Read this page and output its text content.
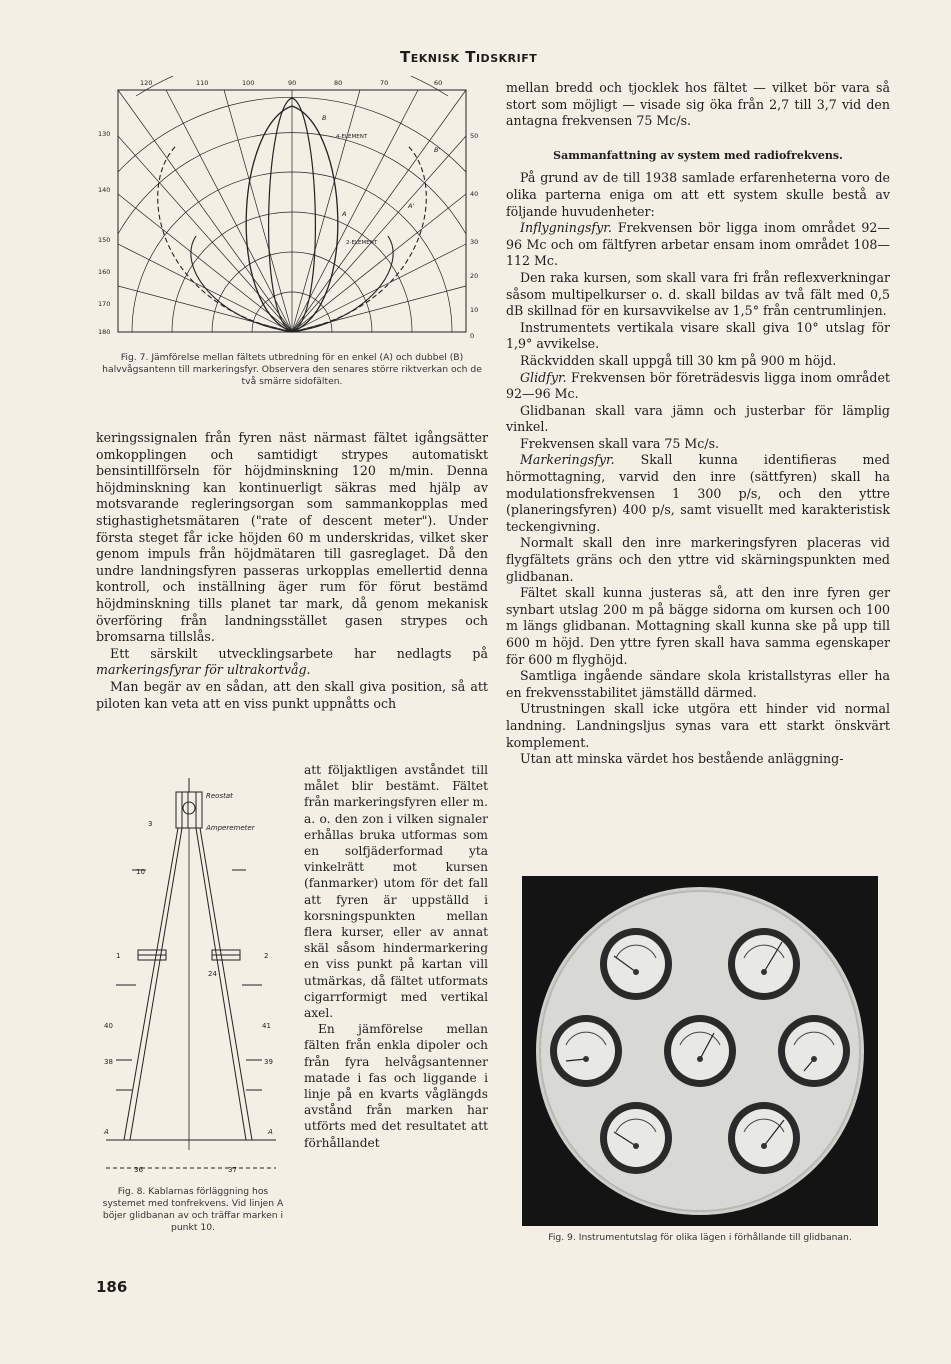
Teknisk Tidskrift
120	110	100	90	80	70	60
130
140
150
160
170
180
50
40
30
20
10
0
4-ELEMENT
2-ELEMENT
A
A'
B
B'
Fig. 7. Jämförelse mellan fältets utbredning för en enkel (A) och dubbel (B) halvvågsantenn till markeringsfyr. Observera den senares större riktverkan och de två smärre sidofälten.

keringssignalen från fyren näst närmast fältet igångsätter omkopplingen och samtidigt strypes automatiskt bensintillförseln för höjdminskning 120 m/min. Denna höjdminskning kan kontinuerligt säkras med hjälp av motsvarande regleringsorgan som sammankopplas med stighastighetsmätaren ("rate of descent meter"). Under första steget får icke höjden 60 m underskridas, vilket sker genom impuls från höjdmätaren till gasreglaget. Då den undre landningsfyren passeras urkopplas emellertid denna kontroll, och inställning äger rum för förut bestämd höjdminskning tills planet tar mark, då genom mekanisk överföring från landningsstället gasen strypes och bromsarna tillslås.

Ett särskilt utvecklingsarbete har nedlagts på markeringsfyrar för ultrakortvåg.

Man begär av en sådan, att den skall giva position, så att piloten kan veta att en viss punkt uppnåtts och

Reostat
Amperemeter
3
10
1	2
24
40	41
38	39
A	A
36	37
Fig. 8. Kablarnas förläggning hos systemet med tonfrekvens. Vid linjen A böjer glidbanan av och träffar marken i punkt 10.

att följaktligen avståndet till målet blir bestämt. Fältet från markeringsfyren eller m. a. o. den zon i vilken signaler erhållas bruka utformas som en solfjäderformad yta vinkelrätt mot kursen (fanmarker) utom för det fall att fyren är uppställd i korsningspunkten mellan flera kurser, eller av annat skäl såsom hindermarkering en viss punkt på kartan vill utmärkas, då fältet utformats cigarrformigt med vertikal axel.

En jämförelse mellan fälten från enkla dipoler och från fyra helvågsantenner matade i fas och liggande i linje på en kvarts våglängds avstånd från marken har utförts med det resultatet att förhållandet

mellan bredd och tjocklek hos fältet — vilket bör vara så stort som möjligt — visade sig öka från 2,7 till 3,7 vid den antagna frekvensen 75 Mc/s.

Sammanfattning av system med radiofrekvens.

På grund av de till 1938 samlade erfarenheterna voro de olika parterna eniga om att ett system skulle bestå av följande huvudenheter:

Inflygningsfyr. Frekvensen bör ligga inom området 92—96 Mc och om fältfyren arbetar ensam inom området 108—112 Mc.

Den raka kursen, som skall vara fri från reflexverkningar såsom multipelkurser o. d. skall bildas av två fält med 0,5 dB skillnad för en kursavvikelse av 1,5° från centrumlinjen.

Instrumentets vertikala visare skall giva 10° utslag för 1,9° avvikelse.

Räckvidden skall uppgå till 30 km på 900 m höjd.

Glidfyr. Frekvensen bör företrädesvis ligga inom området 92—96 Mc.

Glidbanan skall vara jämn och justerbar för lämplig vinkel.

Frekvensen skall vara 75 Mc/s.

Markeringsfyr. Skall kunna identifieras med hörmottagning, varvid den inre (sättfyren) skall ha modulationsfrekvensen 1 300 p/s, och den yttre (planeringsfyren) 400 p/s, samt visuellt med karakteristisk teckengivning.

Normalt skall den inre markeringsfyren placeras vid flygfältets gräns och den yttre vid skärningspunkten med glidbanan.

Fältet skall kunna justeras så, att den inre fyren ger synbart utslag 200 m på bägge sidorna om kursen och 100 m längs glidbanan. Mottagning skall kunna ske på upp till 600 m höjd. Den yttre fyren skall hava samma egenskaper för 600 m flyghöjd.

Samtliga ingående sändare skola kristallstyras eller ha en frekvensstabilitet jämställd därmed.

Utrustningen skall icke utgöra ett hinder vid normal landning. Landningsljus synas vara ett starkt önskvärt komplement.

Utan att minska värdet hos bestående anläggning-

Fig. 9. Instrumentutslag för olika lägen i förhållande till glidbanan.
186
